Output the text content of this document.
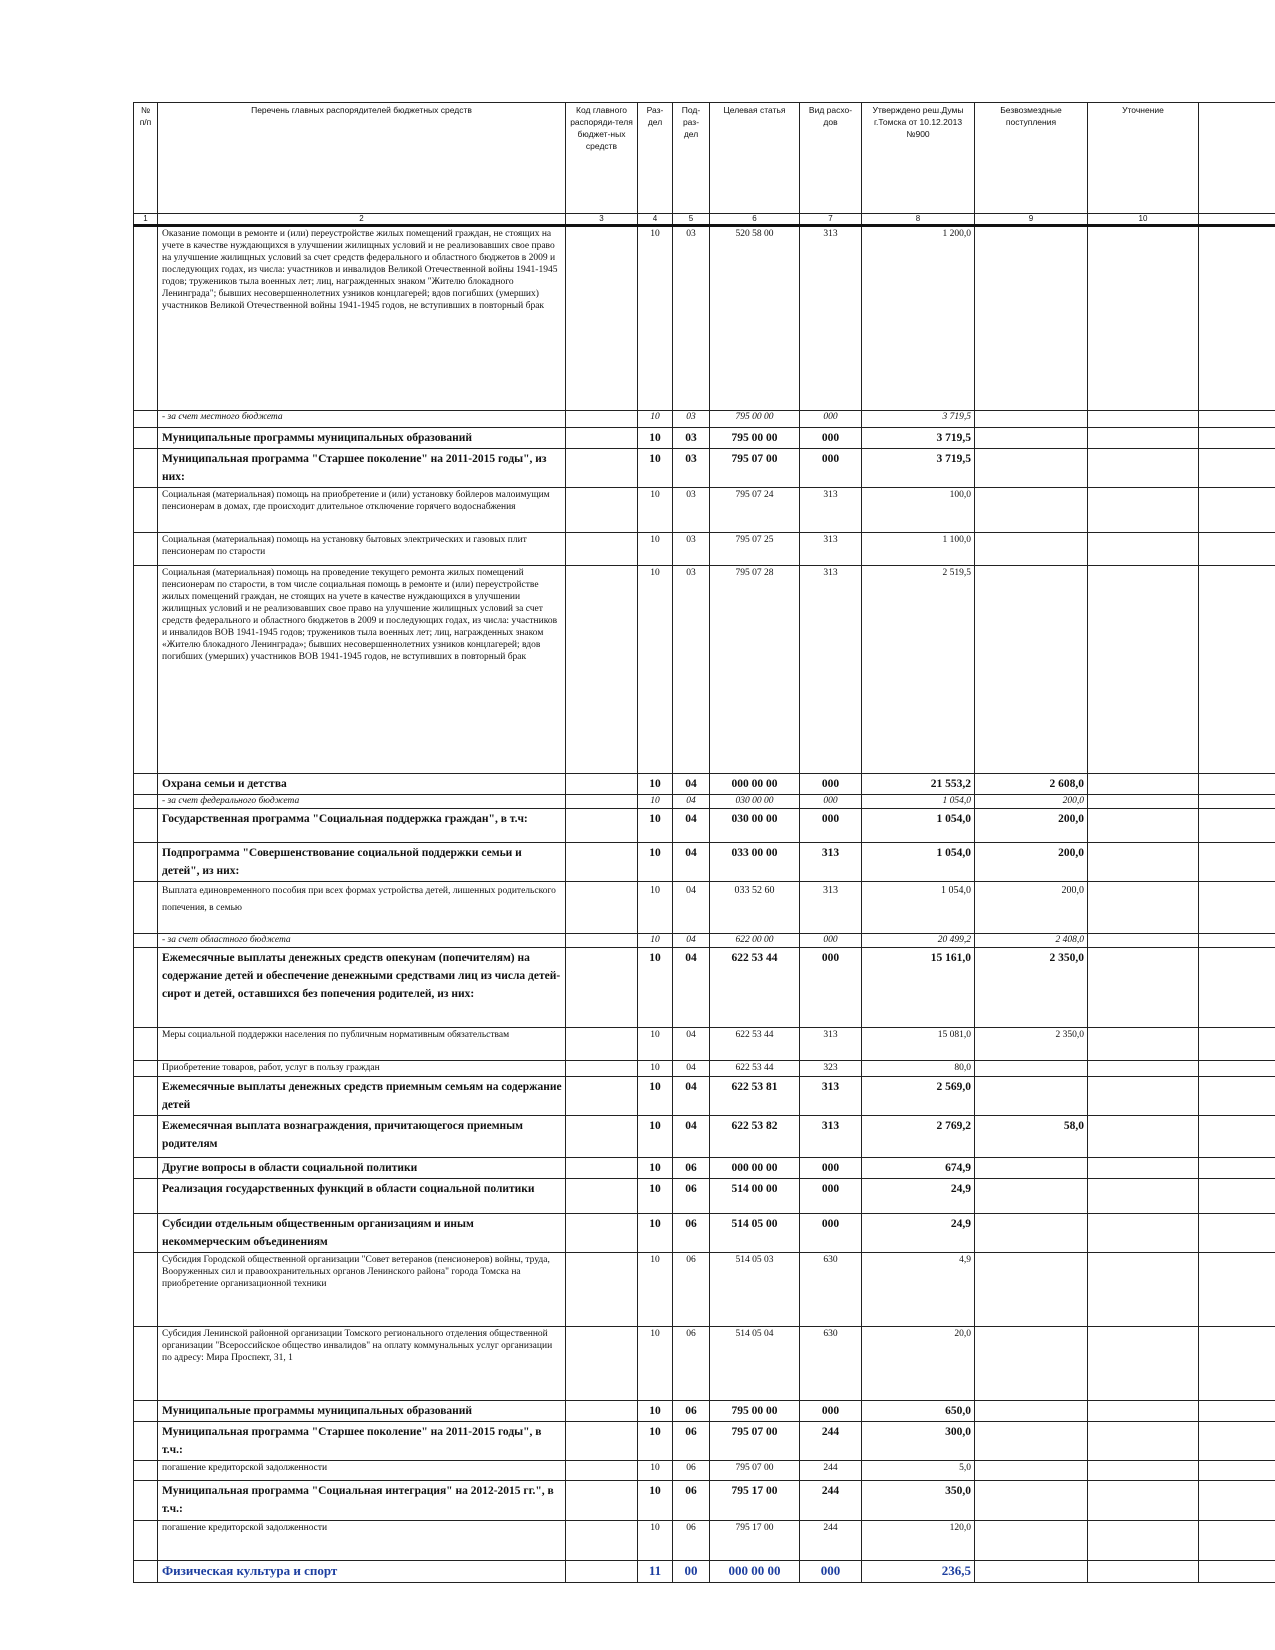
№ п/п	Перечень главных распорядителей бюджетных средств	Код главного распоряди-теля бюджет-ных средств	Раз-дел	Под-раз-дел	Целевая статья	Вид расхо-дов	Утверждено реш.Думы г.Томска от 10.12.2013 №900	Безвозмездные поступления	Уточнение	
1	2	3	4	5	6	7	8	9	10	
	Оказание помощи в ремонте и (или) переустройстве жилых помещений граждан, не стоящих на учете в качестве нуждающихся в улучшении жилищных условий и не реализовавших свое право на улучшение жилищных условий за счет средств федерального и областного бюджетов в 2009 и последующих годах, из числа: участников и инвалидов Великой Отечественной войны 1941-1945 годов; тружеников тыла военных лет; лиц, награжденных знаком "Жителю блокадного Ленинграда"; бывших несовершеннолетних узников концлагерей; вдов погибших (умерших) участников Великой Отечественной войны 1941-1945 годов, не вступивших в повторный брак		10	03	520 58 00	313	1 200,0			
	- за счет местного бюджета		10	03	795 00 00	000	3 719,5			
	Муниципальные программы муниципальных образований		10	03	795 00 00	000	3 719,5			
	Муниципальная программа "Старшее поколение" на 2011-2015 годы", из них:		10	03	795 07 00	000	3 719,5			
	Социальная (материальная) помощь на приобретение и (или) установку бойлеров малоимущим пенсионерам в домах, где происходит длительное отключение горячего водоснабжения		10	03	795 07 24	313	100,0			
	Социальная (материальная) помощь на установку бытовых электрических и газовых плит пенсионерам по старости		10	03	795 07 25	313	1 100,0			
	Социальная (материальная) помощь на проведение текущего ремонта жилых помещений пенсионерам по старости, в том числе социальная помощь в ремонте и (или) переустройстве жилых помещений граждан, не стоящих на учете в качестве нуждающихся в улучшении жилищных условий и не реализовавших свое право на улучшение жилищных условий за счет средств федерального и областного бюджетов в 2009 и последующих годах, из числа: участников и инвалидов ВОВ 1941-1945 годов; тружеников тыла военных лет; лиц, награжденных знаком «Жителю блокадного Ленинграда»; бывших несовершеннолетних узников концлагерей; вдов погибших (умерших) участников ВОВ 1941-1945 годов, не вступивших в повторный брак		10	03	795 07 28	313	2 519,5			
	Охрана семьи и детства		10	04	000 00 00	000	21 553,2	2 608,0		
	- за счет федерального бюджета		10	04	030 00 00	000	1 054,0	200,0		
	Государственная программа "Социальная поддержка граждан", в т.ч:		10	04	030 00 00	000	1 054,0	200,0		
	Подпрограмма "Совершенствование социальной поддержки семьи и детей", из них:		10	04	033 00 00	313	1 054,0	200,0		
	Выплата единовременного пособия при всех формах устройства детей, лишенных родительского попечения, в семью		10	04	033 52 60	313	1 054,0	200,0		
	- за счет областного бюджета		10	04	622 00 00	000	20 499,2	2 408,0		
	Ежемесячные выплаты денежных средств опекунам (попечителям) на содержание детей и обеспечение денежными средствами лиц из числа детей-сирот и детей, оставшихся без попечения родителей, из них:		10	04	622 53 44	000	15 161,0	2 350,0		
	Меры социальной поддержки населения по публичным нормативным обязательствам		10	04	622 53 44	313	15 081,0	2 350,0		
	Приобретение товаров, работ, услуг в пользу граждан		10	04	622 53 44	323	80,0			
	Ежемесячные выплаты денежных средств приемным семьям на содержание детей		10	04	622 53 81	313	2 569,0			
	Ежемесячная выплата вознаграждения, причитающегося приемным родителям		10	04	622 53 82	313	2 769,2	58,0		
	Другие вопросы в области социальной политики		10	06	000 00 00	000	674,9			
	Реализация государственных функций в области социальной политики		10	06	514 00 00	000	24,9			
	Субсидии отдельным общественным организациям и иным некоммерческим объединениям		10	06	514 05 00	000	24,9			
	Субсидия Городской общественной организации "Совет ветеранов (пенсионеров) войны, труда, Вооруженных сил и правоохранительных органов Ленинского района" города Томска на приобретение организационной техники		10	06	514 05 03	630	4,9			
	Субсидия Ленинской районной организации Томского регионального отделения общественной организации "Всероссийское общество инвалидов" на оплату коммунальных услуг организации по адресу: Мира Проспект, 31, 1		10	06	514 05 04	630	20,0			
	Муниципальные программы муниципальных образований		10	06	795 00 00	000	650,0			
	Муниципальная программа "Старшее поколение" на 2011-2015 годы", в т.ч.:		10	06	795 07 00	244	300,0			
	погашение кредиторской задолженности		10	06	795 07 00	244	5,0			
	Муниципальная программа "Социальная интеграция" на 2012-2015 гг.", в т.ч.:		10	06	795 17 00	244	350,0			
	погашение кредиторской задолженности		10	06	795 17 00	244	120,0			
	Физическая культура и спорт		11	00	000 00 00	000	236,5			
